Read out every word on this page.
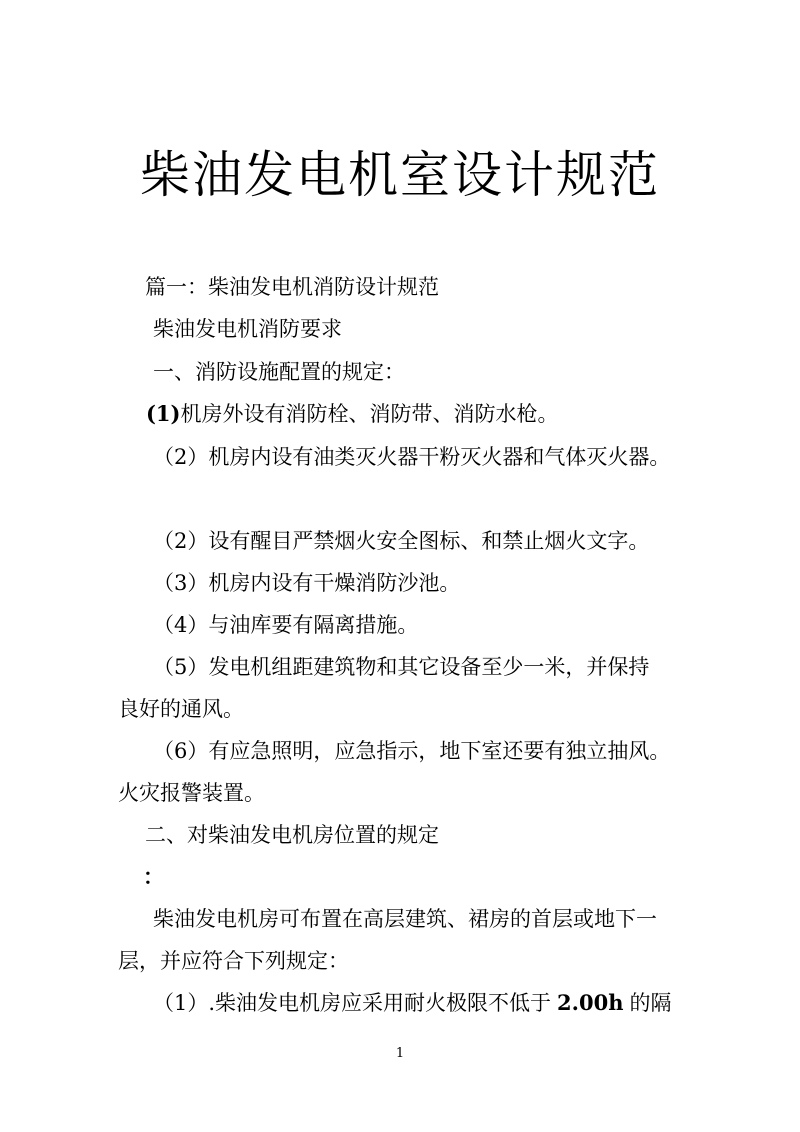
柴油发电机室设计规范
篇一：柴油发电机消防设计规范
柴油发电机消防要求
一、消防设施配置的规定：
(1)机房外设有消防栓、消防带、消防水枪。
（2）机房内设有油类灭火器干粉灭火器和气体灭火器。
（2）设有醒目严禁烟火安全图标、和禁止烟火文字。
（3）机房内设有干燥消防沙池。
（4）与油库要有隔离措施。
（5）发电机组距建筑物和其它设备至少一米，并保持
良好的通风。
（6）有应急照明，应急指示，地下室还要有独立抽风。
火灾报警装置。
二、对柴油发电机房位置的规定
：
柴油发电机房可布置在高层建筑、裙房的首层或地下一
层，并应符合下列规定：
（1）.柴油发电机房应采用耐火极限不低于 2.00h 的隔
1
